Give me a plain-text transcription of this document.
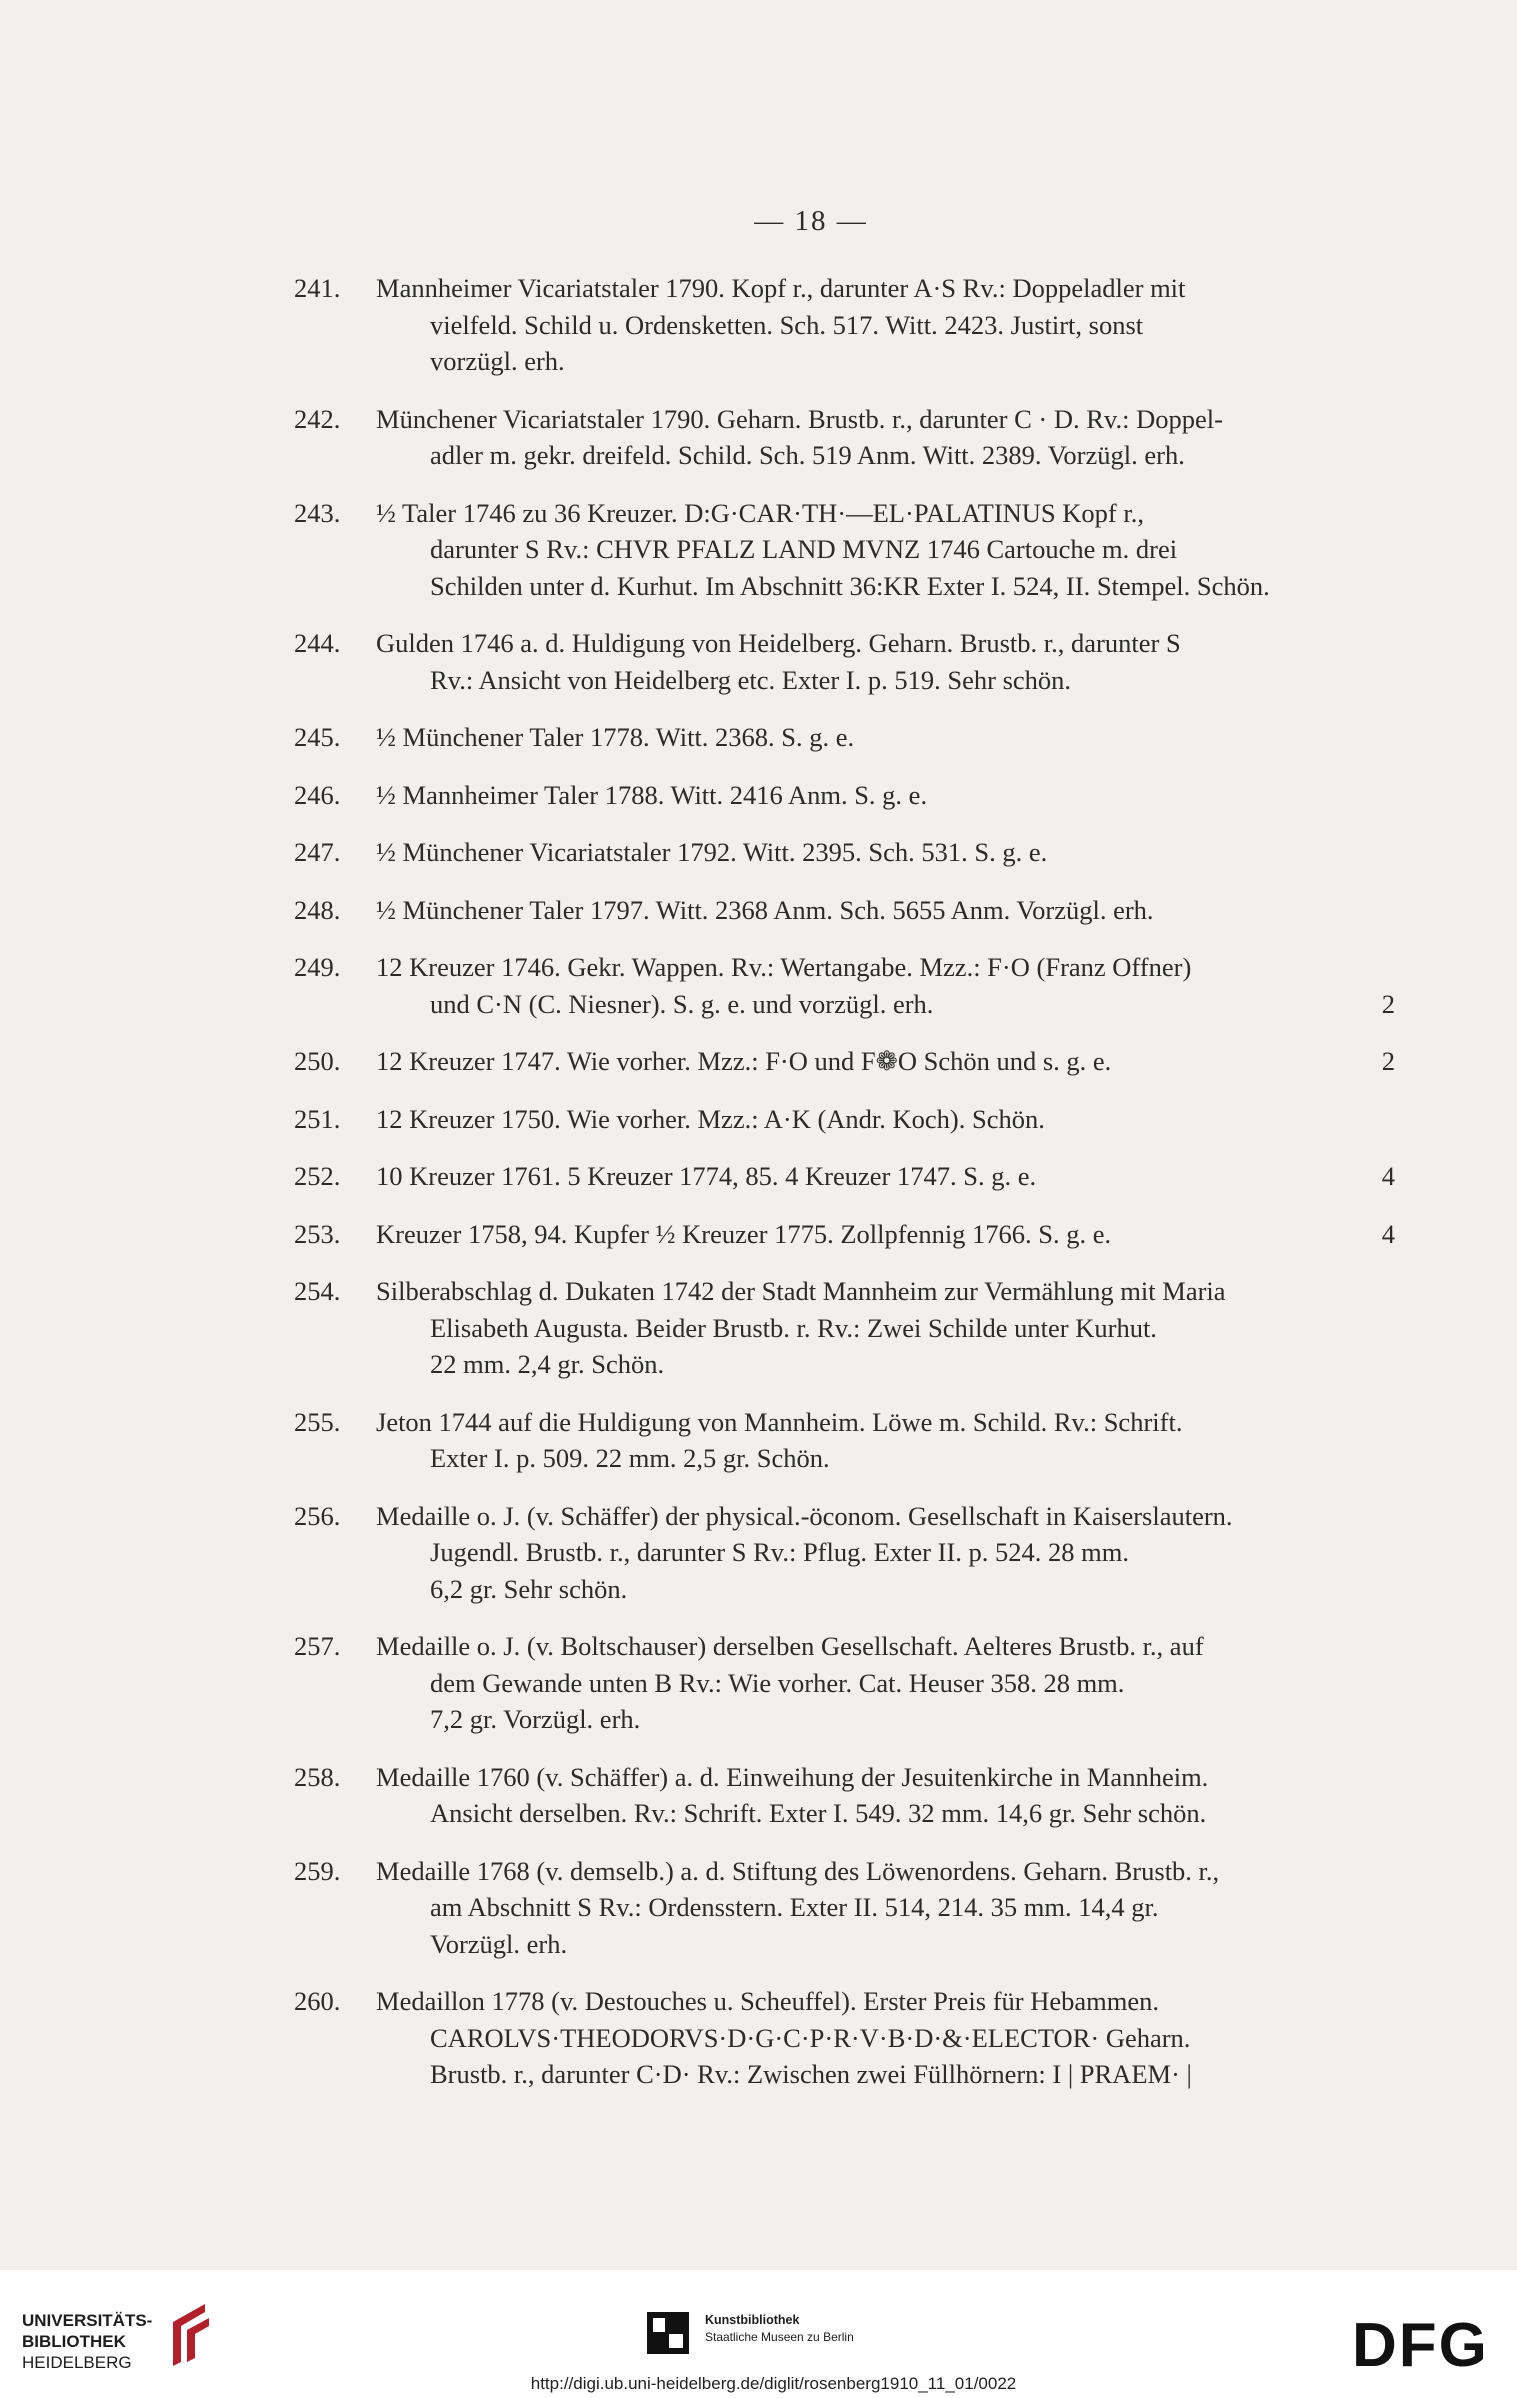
— 18 —
241.	Mannheimer Vicariatstaler 1790. Kopf r., darunter A·S Rv.: Doppeladler mit
vielfeld. Schild u. Ordensketten. Sch. 517. Witt. 2423. Justirt, sonst
vorzügl. erh.
242.	Münchener Vicariatstaler 1790. Geharn. Brustb. r., darunter C · D. Rv.: Doppel-
adler m. gekr. dreifeld. Schild. Sch. 519 Anm. Witt. 2389. Vorzügl. erh.
243.	½ Taler 1746 zu 36 Kreuzer. D:G·CAR·TH·—EL·PALATINUS Kopf r.,
darunter S Rv.: CHVR PFALZ LAND MVNZ 1746 Cartouche m. drei
Schilden unter d. Kurhut. Im Abschnitt 36:KR Exter I. 524, II. Stempel. Schön.
244.	Gulden 1746 a. d. Huldigung von Heidelberg. Geharn. Brustb. r., darunter S
Rv.: Ansicht von Heidelberg etc. Exter I. p. 519. Sehr schön.
245.	½ Münchener Taler 1778. Witt. 2368. S. g. e.
246.	½ Mannheimer Taler 1788. Witt. 2416 Anm. S. g. e.
247.	½ Münchener Vicariatstaler 1792. Witt. 2395. Sch. 531. S. g. e.
248.	½ Münchener Taler 1797. Witt. 2368 Anm. Sch. 5655 Anm. Vorzügl. erh.
249.	12 Kreuzer 1746. Gekr. Wappen. Rv.: Wertangabe. Mzz.: F·O (Franz Offner)
und C·N (C. Niesner). S. g. e. und vorzügl. erh.	2
250.	12 Kreuzer 1747. Wie vorher. Mzz.: F·O und F❁O Schön und s. g. e.	2
251.	12 Kreuzer 1750. Wie vorher. Mzz.: A·K (Andr. Koch). Schön.
252.	10 Kreuzer 1761. 5 Kreuzer 1774, 85. 4 Kreuzer 1747. S. g. e.	4
253.	Kreuzer 1758, 94. Kupfer ½ Kreuzer 1775. Zollpfennig 1766. S. g. e.	4
254.	Silberabschlag d. Dukaten 1742 der Stadt Mannheim zur Vermählung mit Maria
Elisabeth Augusta. Beider Brustb. r. Rv.: Zwei Schilde unter Kurhut.
22 mm. 2,4 gr. Schön.
255.	Jeton 1744 auf die Huldigung von Mannheim. Löwe m. Schild. Rv.: Schrift.
Exter I. p. 509. 22 mm. 2,5 gr. Schön.
256.	Medaille o. J. (v. Schäffer) der physical.-öconom. Gesellschaft in Kaiserslautern.
Jugendl. Brustb. r., darunter S Rv.: Pflug. Exter II. p. 524. 28 mm.
6,2 gr. Sehr schön.
257.	Medaille o. J. (v. Boltschauser) derselben Gesellschaft. Aelteres Brustb. r., auf
dem Gewande unten B Rv.: Wie vorher. Cat. Heuser 358. 28 mm.
7,2 gr. Vorzügl. erh.
258.	Medaille 1760 (v. Schäffer) a. d. Einweihung der Jesuitenkirche in Mannheim.
Ansicht derselben. Rv.: Schrift. Exter I. 549. 32 mm. 14,6 gr. Sehr schön.
259.	Medaille 1768 (v. demselb.) a. d. Stiftung des Löwenordens. Geharn. Brustb. r.,
am Abschnitt S Rv.: Ordensstern. Exter II. 514, 214. 35 mm. 14,4 gr.
Vorzügl. erh.
260.	Medaillon 1778 (v. Destouches u. Scheuffel). Erster Preis für Hebammen.
CAROLVS·THEODORVS·D·G·C·P·R·V·B·D·&·ELECTOR· Geharn.
Brustb. r., darunter C·D· Rv.: Zwischen zwei Füllhörnern: I | PRAEM· |
UNIVERSITÄTS-
BIBLIOTHEK
HEIDELBERG
Kunstbibliothek
Staatliche Museen zu Berlin	DFG
http://digi.ub.uni-heidelberg.de/diglit/rosenberg1910_11_01/0022
